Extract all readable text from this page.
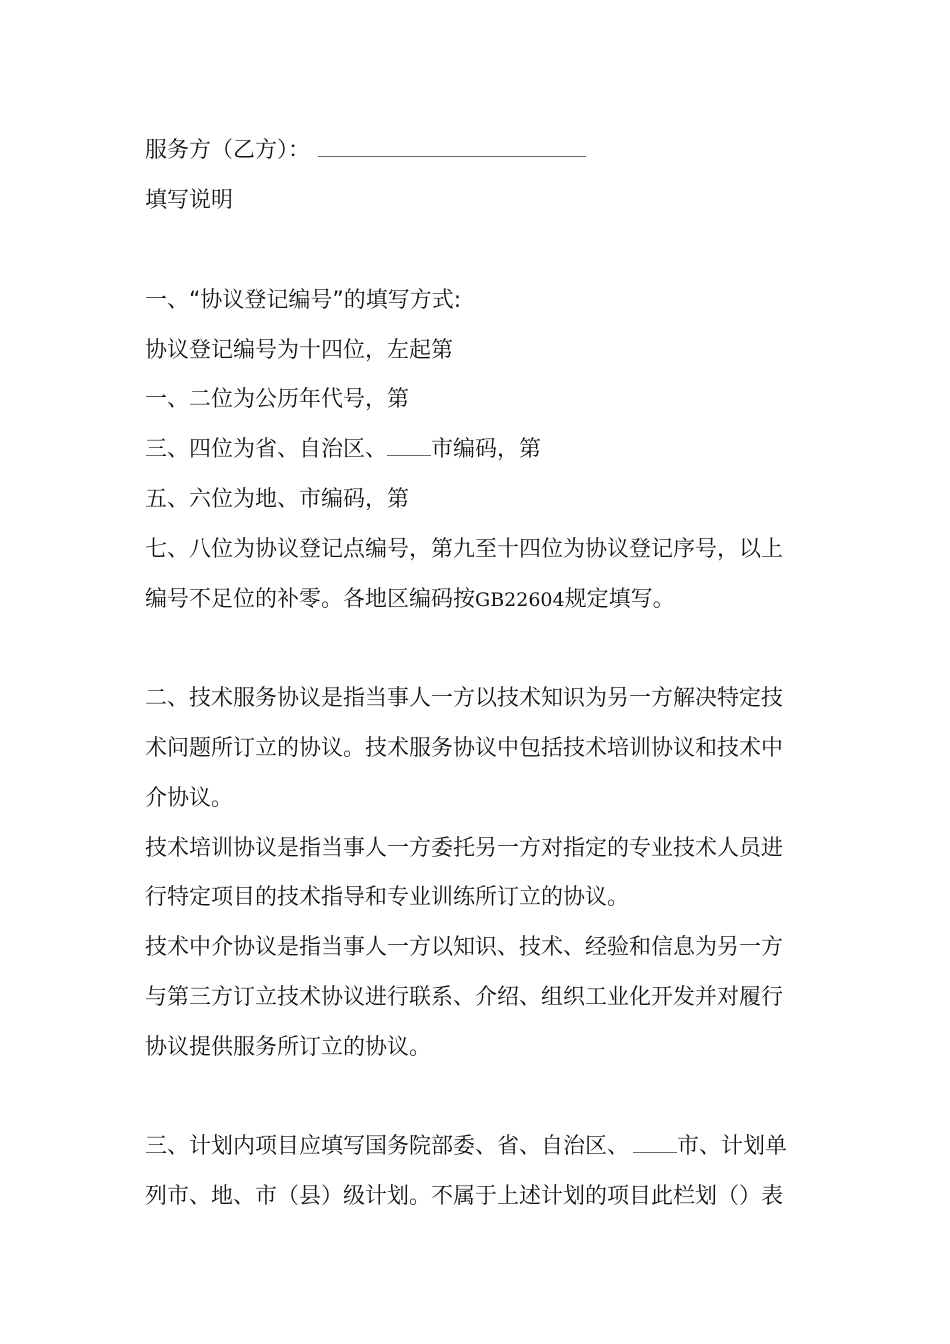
服务方（乙方）：
填写说明
一、“协议登记编号”的填写方式:
协议登记编号为十四位，左起第
一、二位为公历年代号，第
三、四位为省、自治区、 市编码，第
五、六位为地、市编码，第
七、八位为协议登记点编号，第九至十四位为协议登记序号，以上
编号不足位的补零。各地区编码按GB22604规定填写。
二、技术服务协议是指当事人一方以技术知识为另一方解决特定技
术问题所订立的协议。技术服务协议中包括技术培训协议和技术中
介协议。
技术培训协议是指当事人一方委托另一方对指定的专业技术人员进
行特定项目的技术指导和专业训练所订立的协议。
技术中介协议是指当事人一方以知识、技术、经验和信息为另一方
与第三方订立技术协议进行联系、介绍、组织工业化开发并对履行
协议提供服务所订立的协议。
三、计划内项目应填写国务院部委、省、自治区、 市、计划单
列市、地、市（县）级计划。不属于上述计划的项目此栏划（）表
